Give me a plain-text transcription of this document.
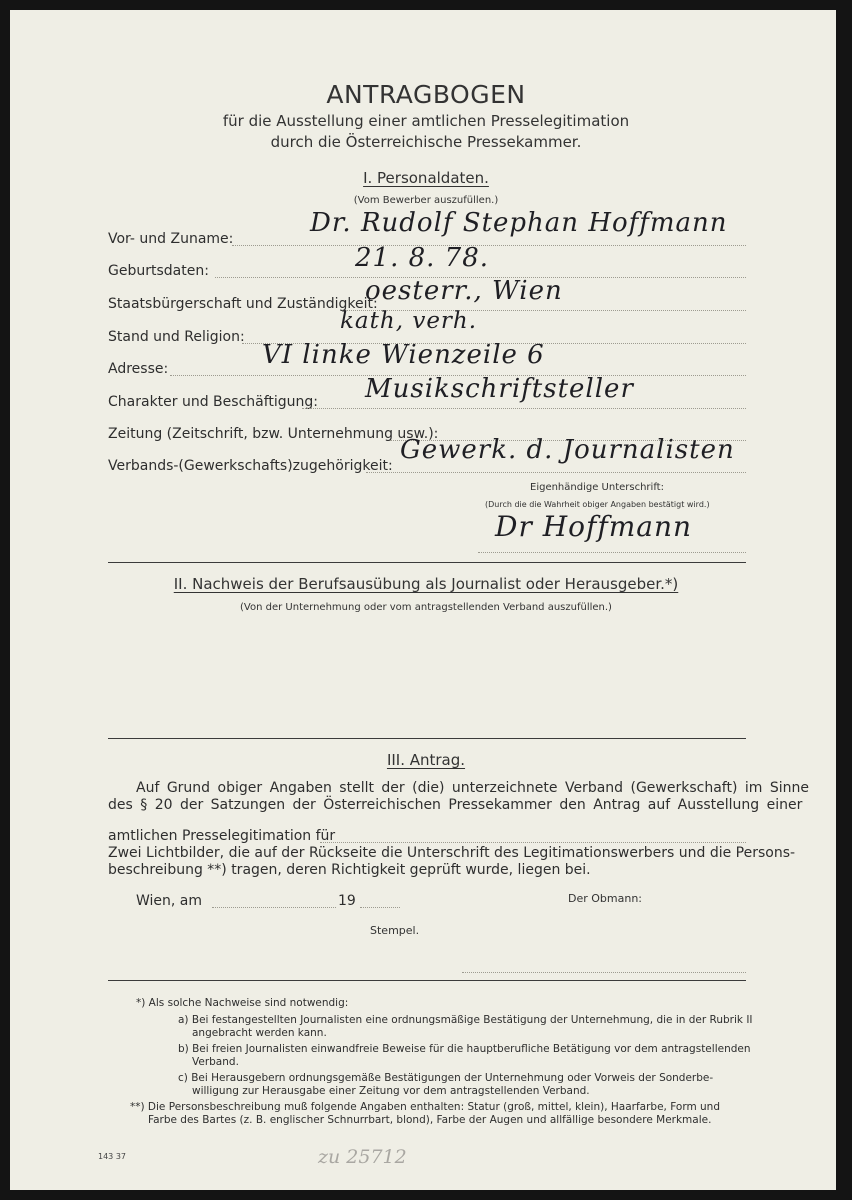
ANTRAGBOGEN
für die Ausstellung einer amtlichen Presselegitimation
durch die Österreichische Pressekammer.
I. Personaldaten.
(Vom Bewerber auszufüllen.)
Vor- und Zuname:
Dr. Rudolf Stephan Hoffmann
Geburtsdaten:	21. 8. 78.
Staatsbürgerschaft und Zuständigkeit:
oesterr., Wien
Stand und Religion:
kath, verh.
Adresse:	VI linke Wienzeile 6
Charakter und Beschäftigung: Musikschriftsteller
Zeitung (Zeitschrift, bzw. Unternehmung usw.):
Verbands-(Gewerkschafts)zugehörigkeit:
Gewerk. d. Journalisten
Eigenhändige Unterschrift:
(Durch die die Wahrheit obiger Angaben bestätigt wird.)
Dr Hoffmann
II. Nachweis der Berufsausübung als Journalist oder Herausgeber.*)
(Von der Unternehmung oder vom antragstellenden Verband auszufüllen.)
III. Antrag.
Auf Grund obiger Angaben stellt der (die) unterzeichnete Verband (Gewerkschaft) im Sinne
des § 20 der Satzungen der Österreichischen Pressekammer den Antrag auf Ausstellung einer
amtlichen Presselegitimation für
Zwei Lichtbilder, die auf der Rückseite die Unterschrift des Legitimationswerbers und die Persons-
beschreibung **) tragen, deren Richtigkeit geprüft wurde, liegen bei.
Wien, am	19	Der Obmann:
Stempel.
*) Als solche Nachweise sind notwendig:
a) Bei festangestellten Journalisten eine ordnungsmäßige Bestätigung der Unternehmung, die in der Rubrik II
angebracht werden kann.
b) Bei freien Journalisten einwandfreie Beweise für die hauptberufliche Betätigung vor dem antragstellenden
Verband.
c) Bei Herausgebern ordnungsgemäße Bestätigungen der Unternehmung oder Vorweis der Sonderbe-
willigung zur Herausgabe einer Zeitung vor dem antragstellenden Verband.
**) Die Personsbeschreibung muß folgende Angaben enthalten: Statur (groß, mittel, klein), Haarfarbe, Form und
Farbe des Bartes (z. B. englischer Schnurrbart, blond), Farbe der Augen und allfällige besondere Merkmale.
143 37	zu 25712
